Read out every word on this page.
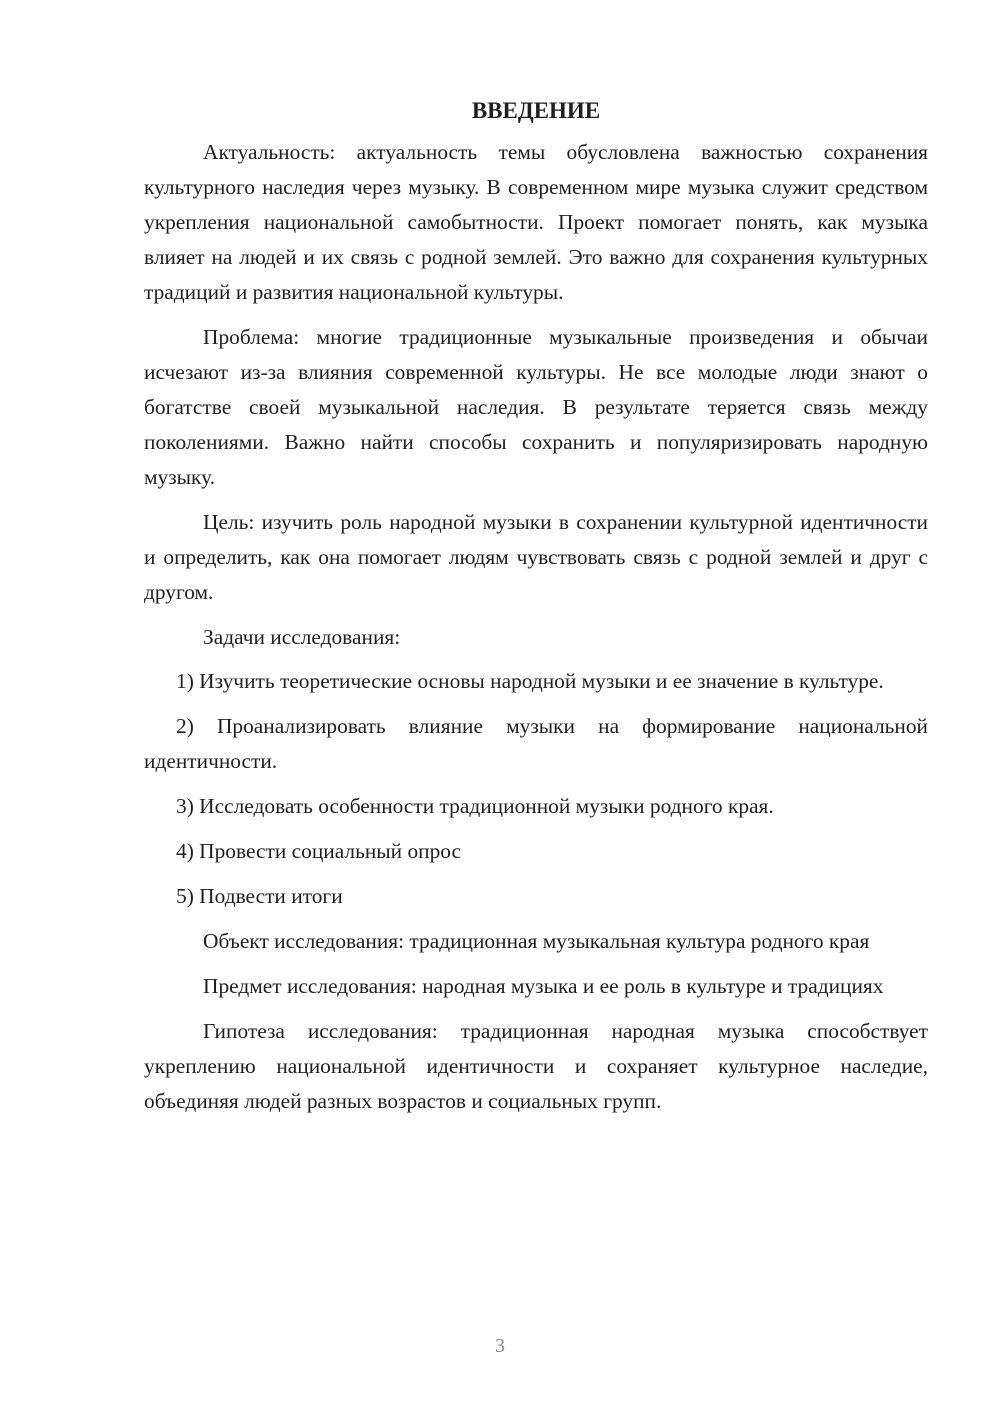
ВВЕДЕНИЕ

Актуальность: актуальность темы обусловлена важностью сохранения культурного наследия через музыку. В современном мире музыка служит средством укрепления национальной самобытности. Проект помогает понять, как музыка влияет на людей и их связь с родной землей. Это важно для сохранения культурных традиций и развития национальной культуры.

Проблема: многие традиционные музыкальные произведения и обычаи исчезают из-за влияния современной культуры. Не все молодые люди знают о богатстве своей музыкальной наследия. В результате теряется связь между поколениями. Важно найти способы сохранить и популяризировать народную музыку.

Цель: изучить роль народной музыки в сохранении культурной идентичности и определить, как она помогает людям чувствовать связь с родной землей и друг с другом.

Задачи исследования:

1) Изучить теоретические основы народной музыки и ее значение в культуре.

2) Проанализировать влияние музыки на формирование национальной идентичности.

3) Исследовать особенности традиционной музыки родного края.

4) Провести социальный опрос

5) Подвести итоги

Объект исследования: традиционная музыкальная культура родного края

Предмет исследования: народная музыка и ее роль в культуре и традициях

Гипотеза исследования: традиционная народная музыка способствует укреплению национальной идентичности и сохраняет культурное наследие, объединяя людей разных возрастов и социальных групп.

3
